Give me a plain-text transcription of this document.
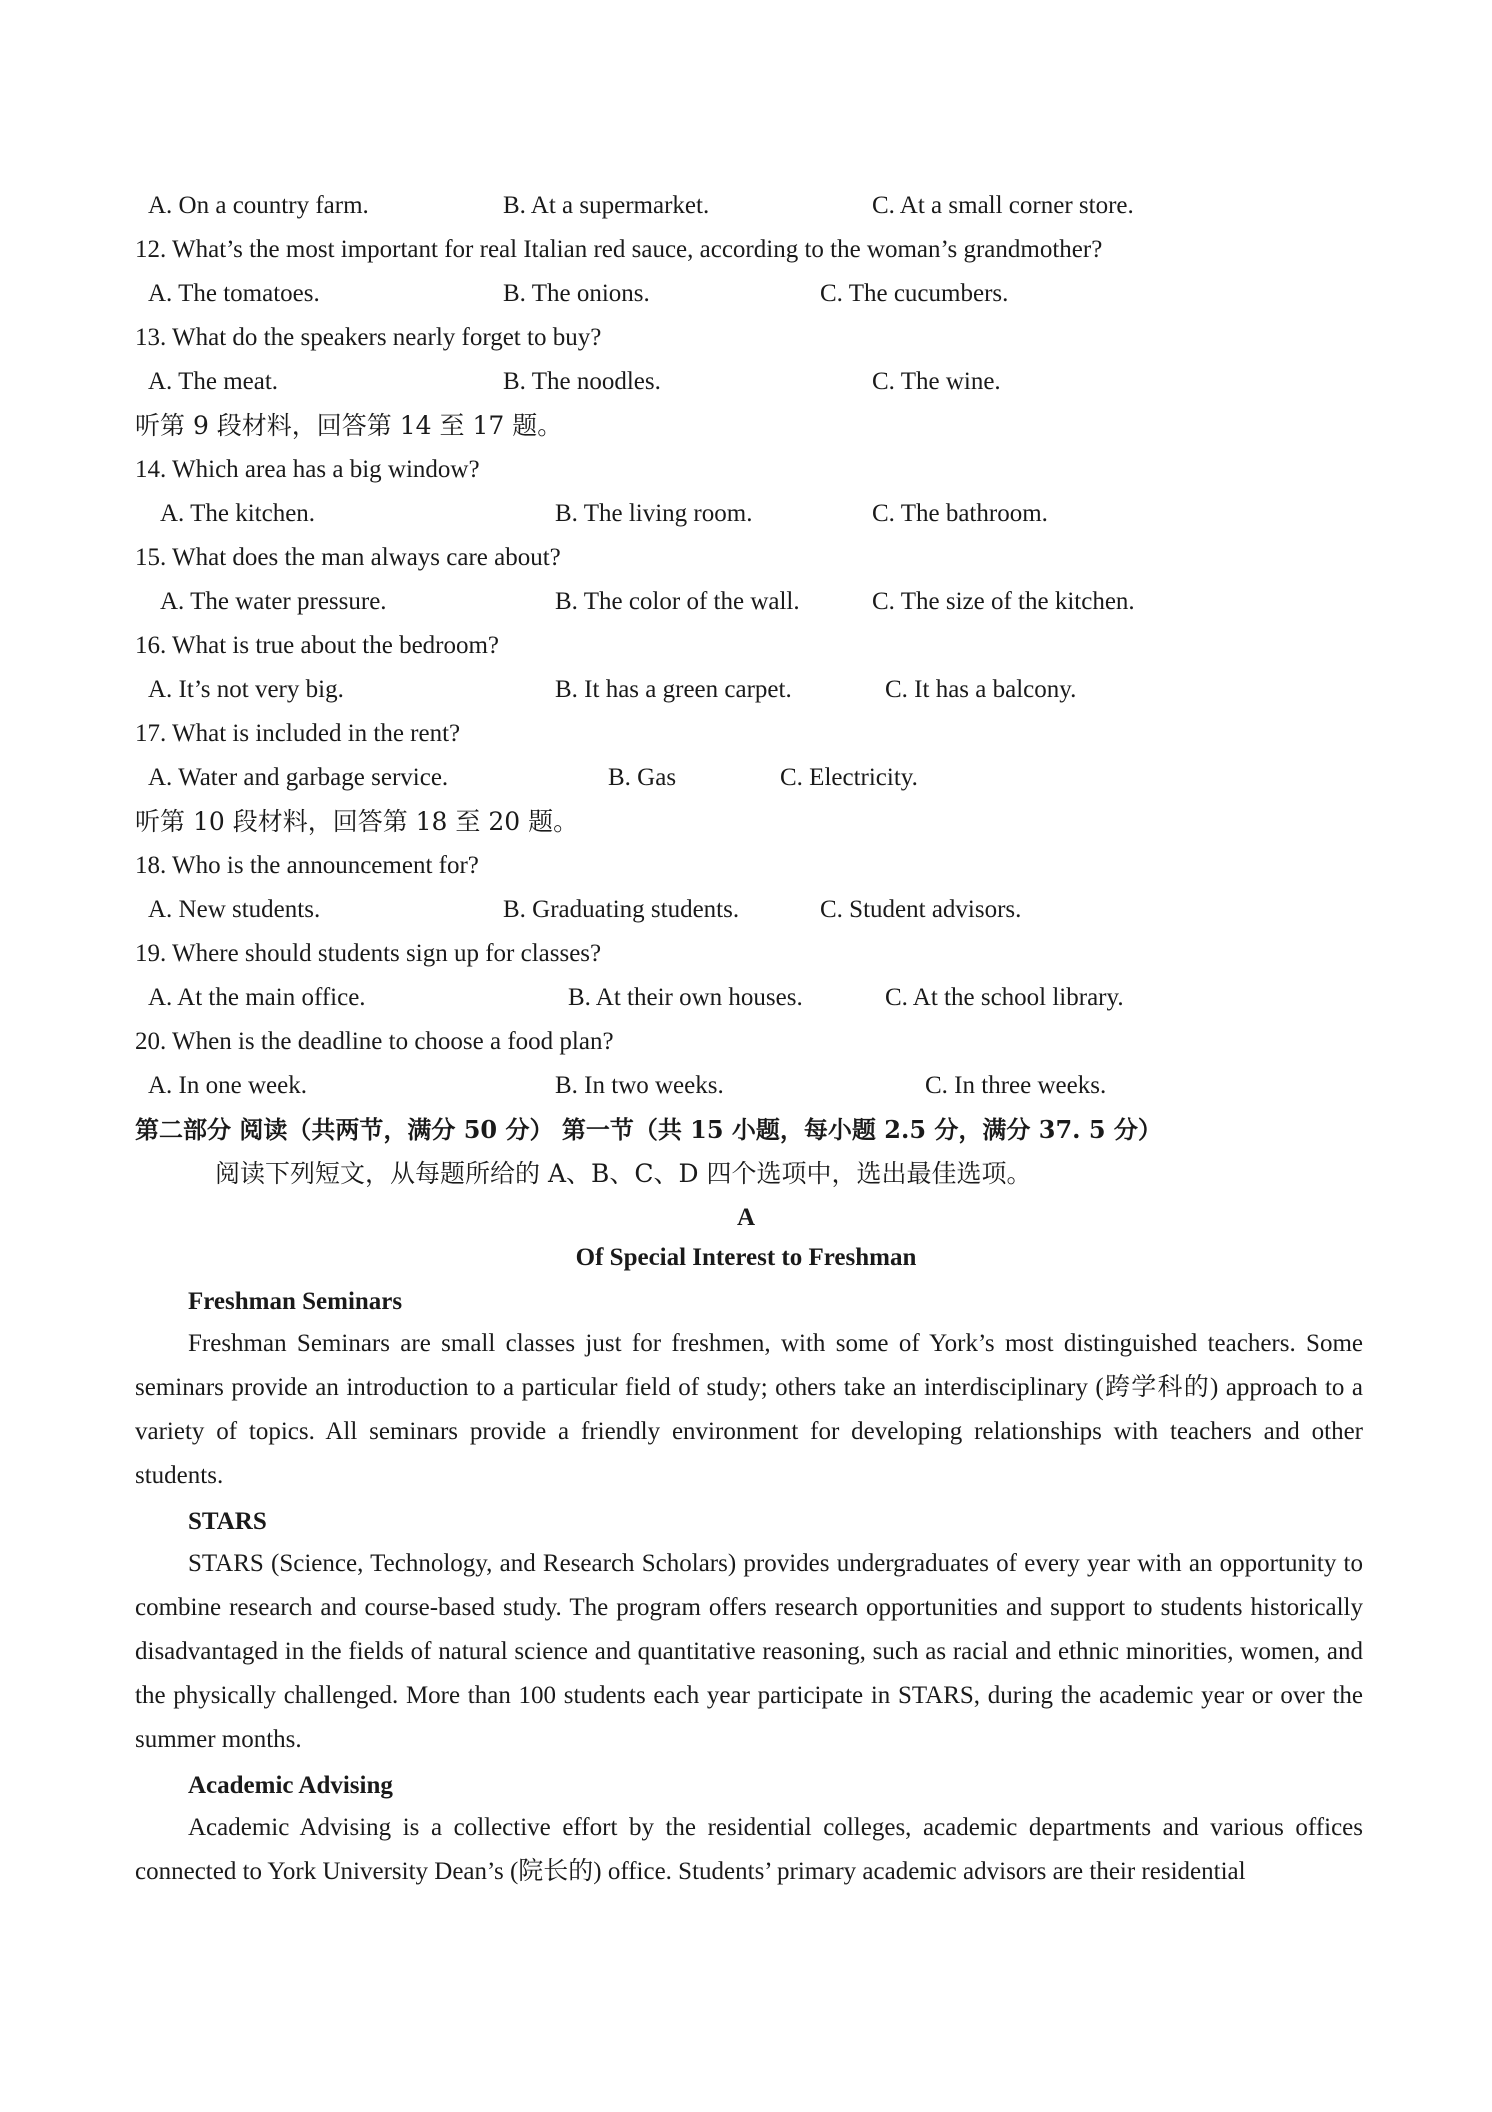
A. On a country farm.	B. At a supermarket.	C. At a small corner store.
12. What’s the most important for real Italian red sauce, according to the woman’s grandmother?
A. The tomatoes.	B. The onions.	C. The cucumbers.
13. What do the speakers nearly forget to buy?
A. The meat.	B. The noodles.	C. The wine.
听第 9 段材料，回答第 14 至 17 题。
14. Which area has a big window?
A. The kitchen.	B. The living room.	C. The bathroom.
15. What does the man always care about?
A. The water pressure.	B. The color of the wall.	C. The size of the kitchen.
16. What is true about the bedroom?
A. It’s not very big.	B. It has a green carpet.	C. It has a balcony.
17. What is included in the rent?
A. Water and garbage service.	B. Gas	C. Electricity.
听第 10 段材料，回答第 18 至 20 题。
18. Who is the announcement for?
A. New students.	B. Graduating students.	C. Student advisors.
19. Where should students sign up for classes?
A. At the main office.	B. At their own houses.	C. At the school library.
20. When is the deadline to choose a food plan?
A. In one week.	B. In two weeks.	C. In three weeks.
第二部分 阅读（共两节，满分 50 分） 第一节（共 15 小题，每小题 2.5 分，满分 37. 5 分）
阅读下列短文，从每题所给的 A、B、C、D 四个选项中，选出最佳选项。
A
Of Special Interest to Freshman
Freshman Seminars
Freshman Seminars are small classes just for freshmen, with some of York’s most distinguished teachers. Some seminars provide an introduction to a particular field of study; others take an interdisciplinary (跨学科的) approach to a variety of topics. All seminars provide a friendly environment for developing relationships with teachers and other students.
STARS
STARS (Science, Technology, and Research Scholars) provides undergraduates of every year with an opportunity to combine research and course-based study. The program offers research opportunities and support to students historically disadvantaged in the fields of natural science and quantitative reasoning, such as racial and ethnic minorities, women, and the physically challenged. More than 100 students each year participate in STARS, during the academic year or over the summer months.
Academic Advising
Academic Advising is a collective effort by the residential colleges, academic departments and various offices connected to York University Dean’s (院长的) office. Students’ primary academic advisors are their residential
